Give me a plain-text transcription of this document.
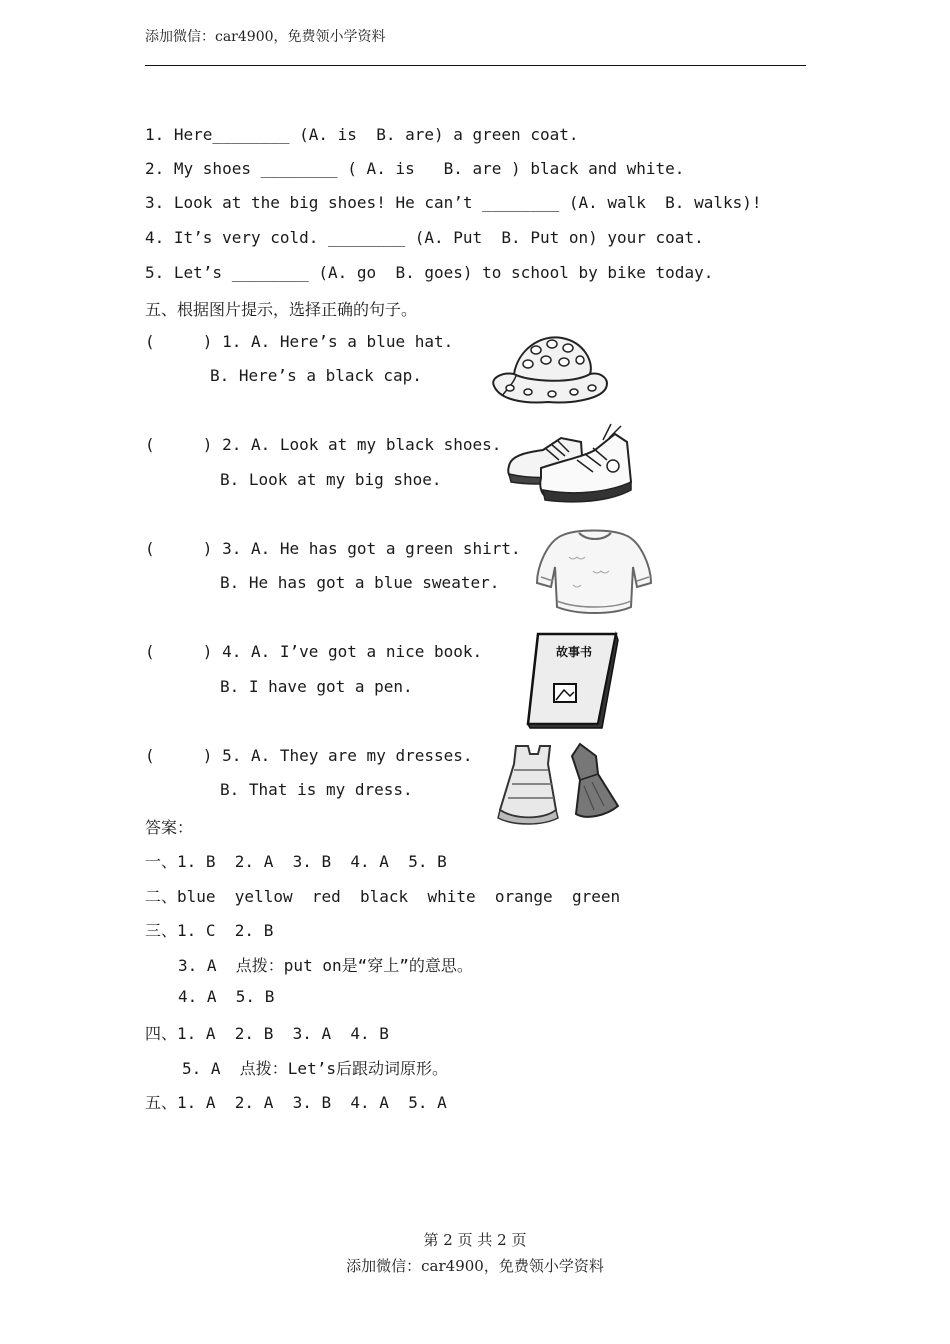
添加微信：car4900，免费领小学资料
1. Here________ (A. is  B. are) a green coat.
2. My shoes ________ ( A. is   B. are ) black and white.
3. Look at the big shoes! He can’t ________ (A. walk  B. walks)!
4. It’s very cold. ________ (A. Put  B. Put on) your coat.
5. Let’s ________ (A. go  B. goes) to school by bike today.
五、根据图片提示，选择正确的句子。
(     ) 1. A. Here’s a blue hat.
B. Here’s a black cap.
(     ) 2. A. Look at my black shoes.
B. Look at my big shoe.
(     ) 3. A. He has got a green shirt.
B. He has got a blue sweater.
(     ) 4. A. I’ve got a nice book.
B. I have got a pen.
(     ) 5. A. They are my dresses.
B. That is my dress.
故事书
答案：
一、1. B  2. A  3. B  4. A  5. B
二、blue  yellow  red  black  white  orange  green
三、1. C  2. B
3. A  点拨：put on是“穿上”的意思。
4. A  5. B
四、1. A  2. B  3. A  4. B
5. A  点拨：Let’s后跟动词原形。
五、1. A  2. A  3. B  4. A  5. A
第 2 页 共 2 页
添加微信：car4900，免费领小学资料
